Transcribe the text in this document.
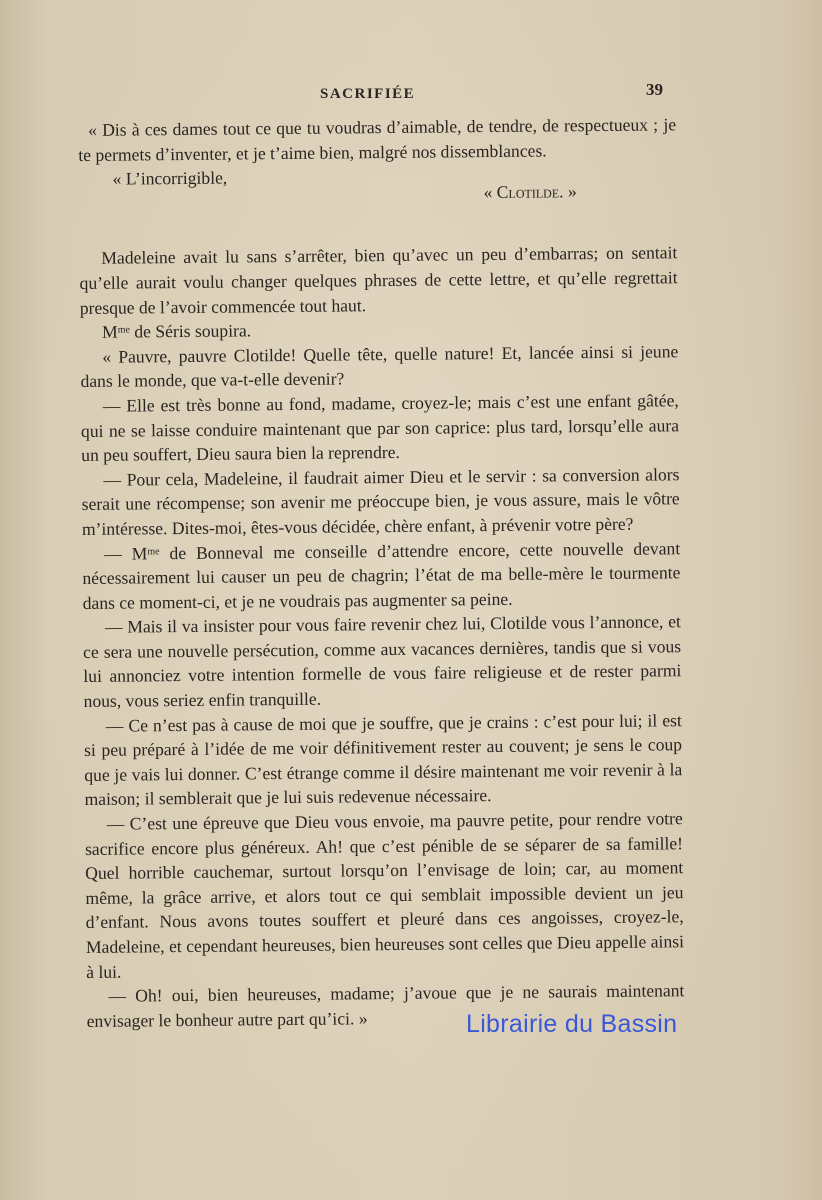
SACRIFIÉE	39

« Dis à ces dames tout ce que tu voudras d’aimable, de tendre, de respectueux ; je te permets d’inventer, et je t’aime bien, malgré nos dissemblances.

« L’incorrigible,

« Clotilde. »

Madeleine avait lu sans s’arrêter, bien qu’avec un peu d’embarras; on sentait qu’elle aurait voulu changer quelques phrases de cette lettre, et qu’elle regrettait presque de l’avoir commencée tout haut.

$M^{me}$ de Séris soupira.

« Pauvre, pauvre Clotilde! Quelle tête, quelle nature! Et, lancée ainsi si jeune dans le monde, que va-t-elle devenir?

— Elle est très bonne au fond, madame, croyez-le; mais c’est une enfant gâtée, qui ne se laisse conduire maintenant que par son caprice: plus tard, lorsqu’elle aura un peu souffert, Dieu saura bien la reprendre.

— Pour cela, Madeleine, il faudrait aimer Dieu et le servir : sa conversion alors serait une récompense; son avenir me préoccupe bien, je vous assure, mais le vôtre m’intéresse. Dites-moi, êtes-vous décidée, chère enfant, à prévenir votre père?

— $M^{me}$ de Bonneval me conseille d’attendre encore, cette nouvelle devant nécessairement lui causer un peu de chagrin; l’état de ma belle-mère le tourmente dans ce moment-ci, et je ne voudrais pas augmenter sa peine.

— Mais il va insister pour vous faire revenir chez lui, Clotilde vous l’annonce, et ce sera une nouvelle persécution, comme aux vacances dernières, tandis que si vous lui annonciez votre intention formelle de vous faire religieuse et de rester parmi nous, vous seriez enfin tranquille.

— Ce n’est pas à cause de moi que je souffre, que je crains : c’est pour lui; il est si peu préparé à l’idée de me voir définitivement rester au couvent; je sens le coup que je vais lui donner. C’est étrange comme il désire maintenant me voir revenir à la maison; il semblerait que je lui suis redevenue nécessaire.

— C’est une épreuve que Dieu vous envoie, ma pauvre petite, pour rendre votre sacrifice encore plus généreux. Ah! que c’est pénible de se séparer de sa famille! Quel horrible cauchemar, surtout lorsqu’on l’envisage de loin; car, au moment même, la grâce arrive, et alors tout ce qui semblait impossible devient un jeu d’enfant. Nous avons toutes souffert et pleuré dans ces angoisses, croyez-le, Madeleine, et cependant heureuses, bien heureuses sont celles que Dieu appelle ainsi à lui.

— Oh! oui, bien heureuses, madame; j’avoue que je ne saurais maintenant envisager le bonheur autre part qu’ici. »	Librairie du Bassin
